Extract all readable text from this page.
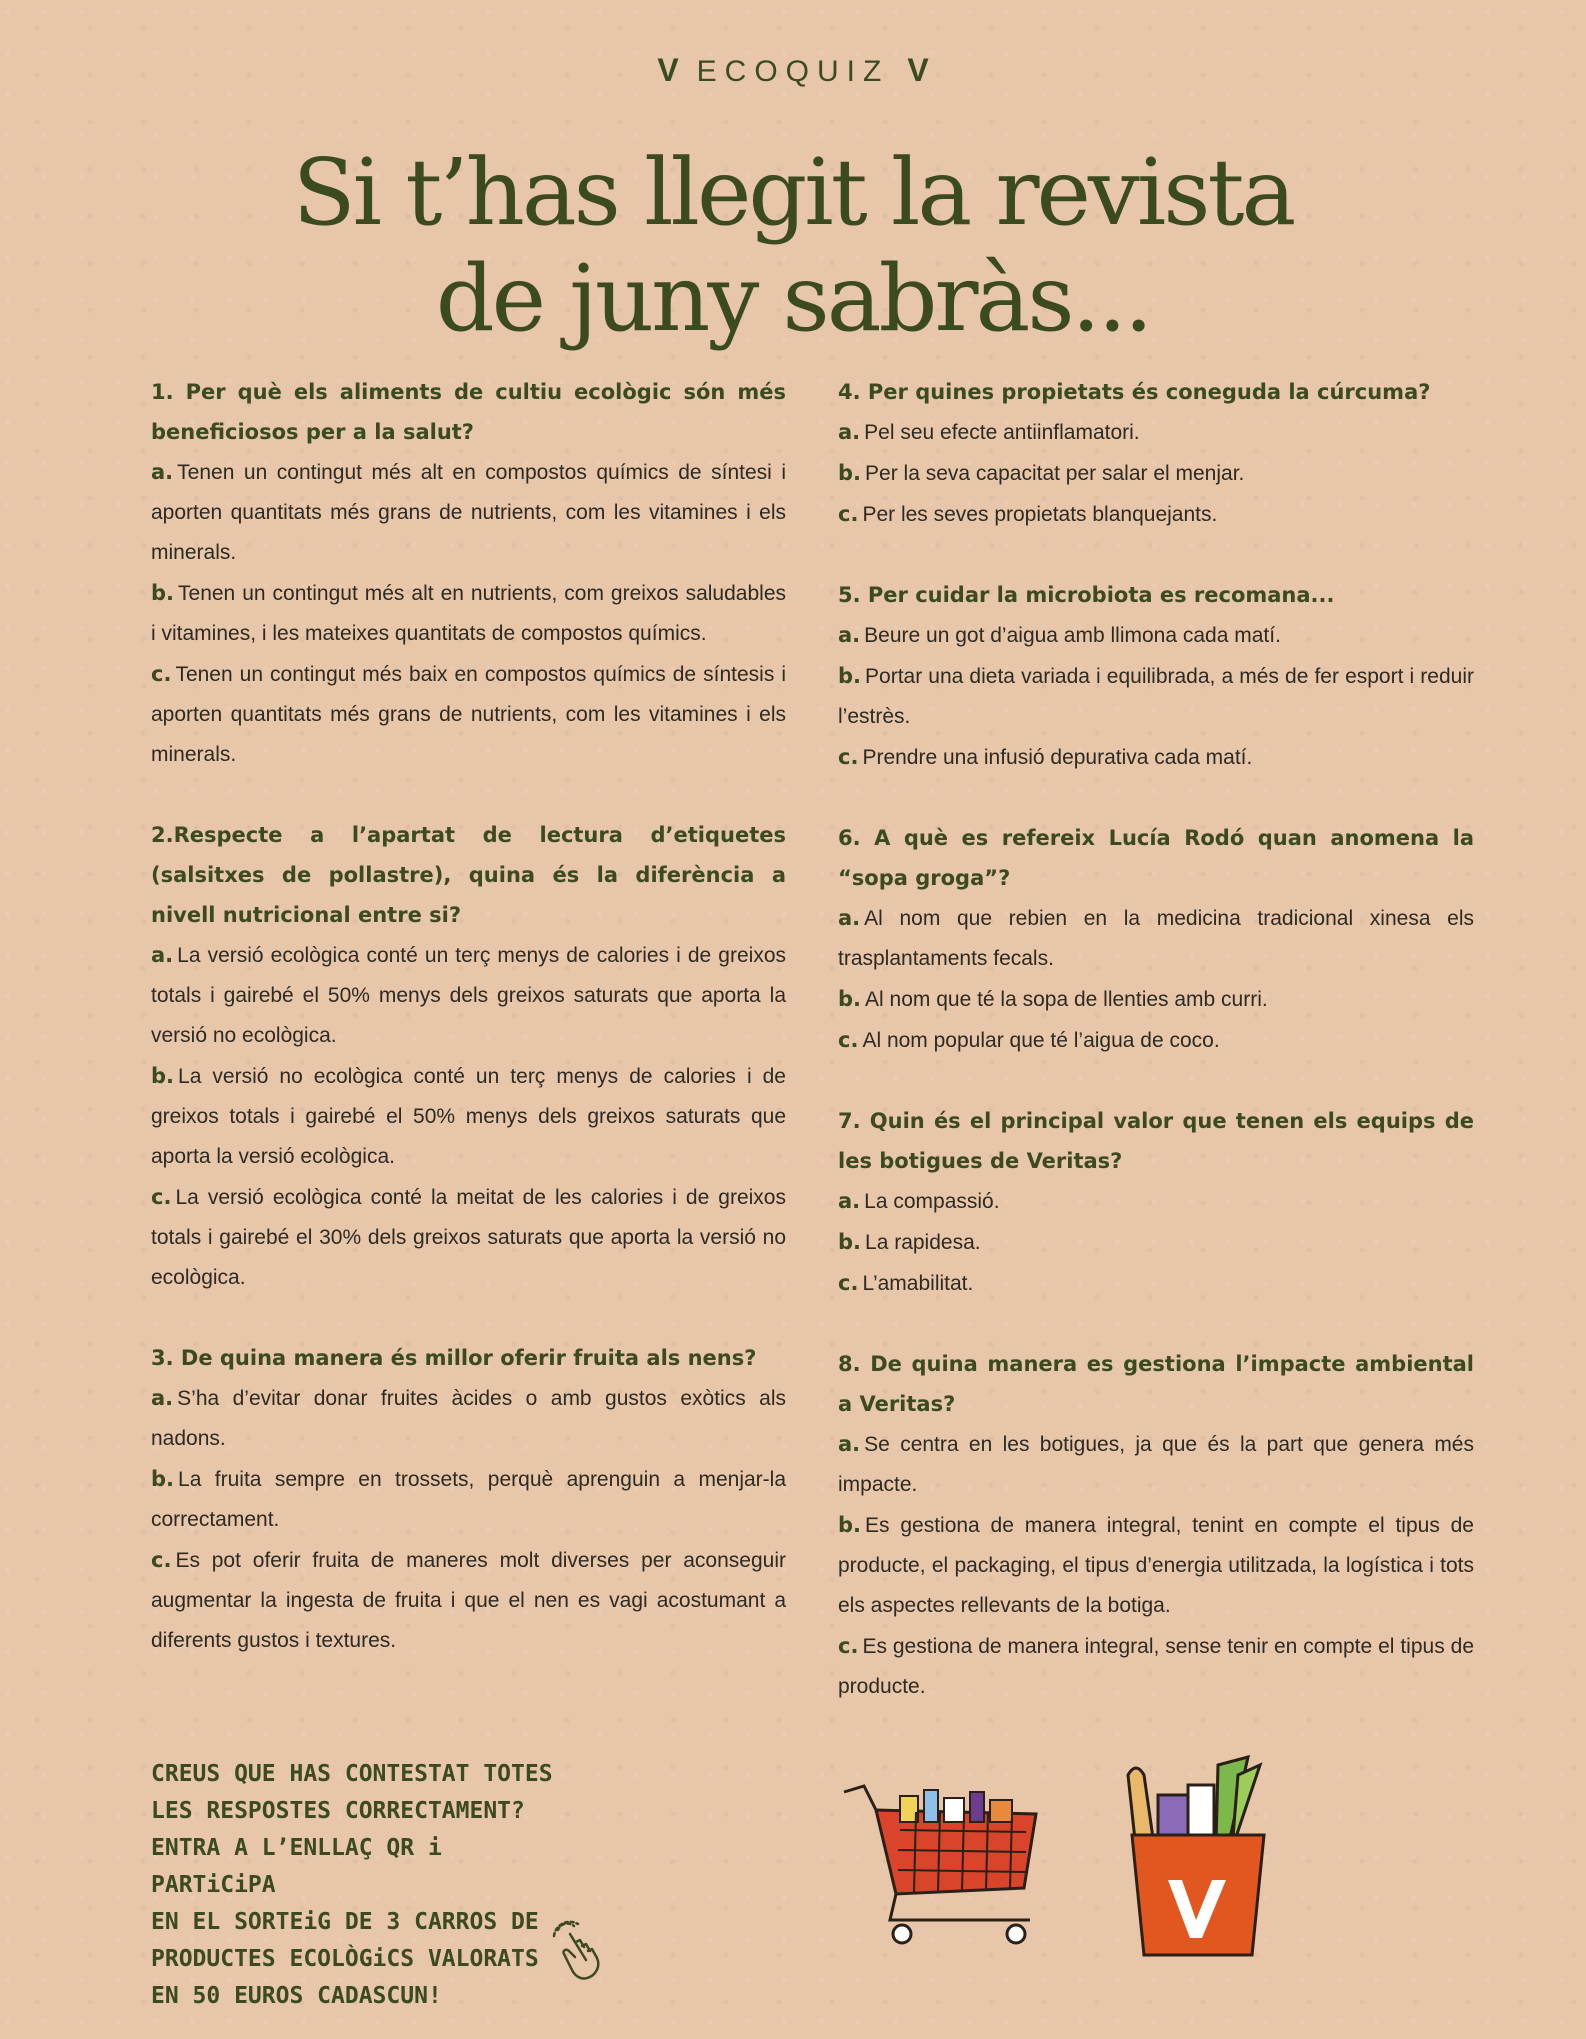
V ECOQUIZ V
Si t’has llegit la revista
de juny sabràs...
1. Per què els aliments de cultiu ecològic són més beneficiosos per a la salut?
a. Tenen un contingut més alt en compostos químics de síntesi i aporten quantitats més grans de nutrients, com les vitamines i els minerals.
b. Tenen un contingut més alt en nutrients, com greixos saludables i vitamines, i les mateixes quantitats de compostos químics.
c. Tenen un contingut més baix en compostos químics de síntesis i aporten quantitats més grans de nutrients, com les vitamines i els minerals.
2.Respecte a l’apartat de lectura d’etiquetes (salsitxes de pollastre), quina és la diferència a nivell nutricional entre si?
a. La versió ecològica conté un terç menys de calories i de greixos totals i gairebé el 50% menys dels greixos saturats que aporta la versió no ecològica.
b. La versió no ecològica conté un terç menys de calories i de greixos totals i gairebé el 50% menys dels greixos saturats que aporta la versió ecològica.
c. La versió ecològica conté la meitat de les calories i de greixos totals i gairebé el 30% dels greixos saturats que aporta la versió no ecològica.
3. De quina manera és millor oferir fruita als nens?
a. S’ha d’evitar donar fruites àcides o amb gustos exòtics als nadons.
b. La fruita sempre en trossets, perquè aprenguin a menjar-la correctament.
c. Es pot oferir fruita de maneres molt diverses per aconseguir augmentar la ingesta de fruita i que el nen es vagi acostumant a diferents gustos i textures.
4. Per quines propietats és coneguda la cúrcuma?
a. Pel seu efecte antiinflamatori.
b. Per la seva capacitat per salar el menjar.
c. Per les seves propietats blanquejants.
5. Per cuidar la microbiota es recomana...
a. Beure un got d’aigua amb llimona cada matí.
b. Portar una dieta variada i equilibrada, a més de fer esport i reduir l’estrès.
c. Prendre una infusió depurativa cada matí.
6. A què es refereix Lucía Rodó quan anomena la “sopa groga”?
a. Al nom que rebien en la medicina tradicional xinesa els trasplantaments fecals.
b. Al nom que té la sopa de llenties amb curri.
c. Al nom popular que té l’aigua de coco.
7. Quin és el principal valor que tenen els equips de les botigues de Veritas?
a. La compassió.
b. La rapidesa.
c. L’amabilitat.
8. De quina manera es gestiona l’impacte ambiental a Veritas?
a. Se centra en les botigues, ja que és la part que genera més impacte.
b. Es gestiona de manera integral, tenint en compte el tipus de producte, el packaging, el tipus d’energia utilitzada, la logística i tots els aspectes rellevants de la botiga.
c. Es gestiona de manera integral, sense tenir en compte el tipus de producte.
CREUS QUE HAS CONTESTAT TOTES
LES RESPOSTES CORRECTAMENT?
ENTRA A L’ENLLAÇ QR i PARTiCiPA
EN EL SORTEiG DE 3 CARROS DE
PRODUCTES ECOLÒGiCS VALORATS
EN 50 EUROS CADASCUN!
